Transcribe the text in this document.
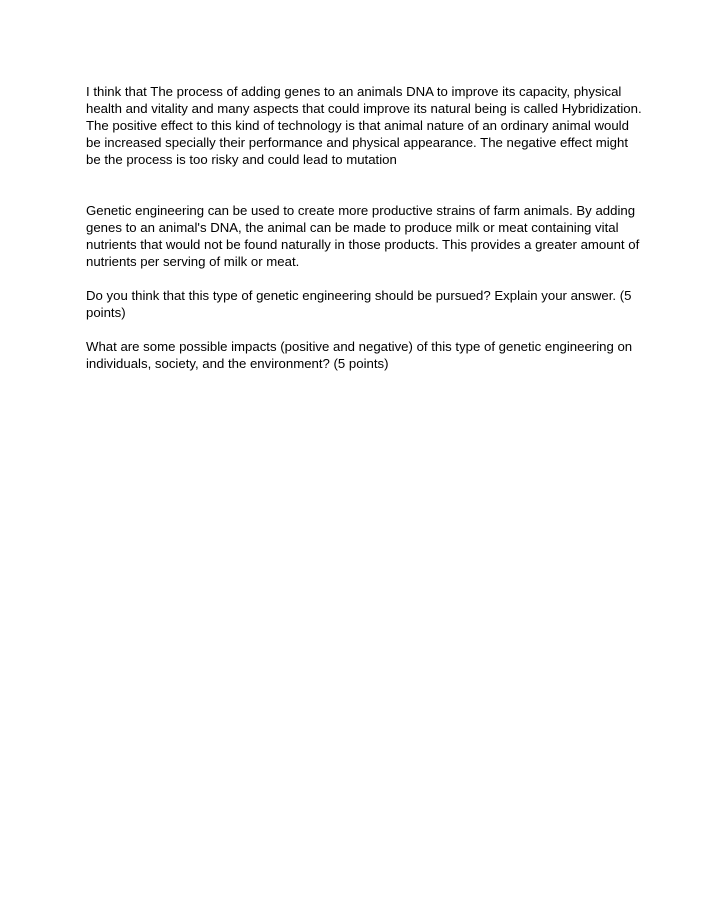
I think that The process of adding genes to an animals DNA to improve its capacity, physical health and vitality and many aspects that could improve its natural being is called Hybridization. The positive effect to this kind of technology is that animal nature of an ordinary animal would be increased specially their performance and physical appearance. The negative effect might be the process is too risky and could lead to mutation

Genetic engineering can be used to create more productive strains of farm animals. By adding genes to an animal's DNA, the animal can be made to produce milk or meat containing vital nutrients that would not be found naturally in those products. This provides a greater amount of nutrients per serving of milk or meat.

Do you think that this type of genetic engineering should be pursued? Explain your answer. (5 points)

What are some possible impacts (positive and negative) of this type of genetic engineering on individuals, society, and the environment? (5 points)
